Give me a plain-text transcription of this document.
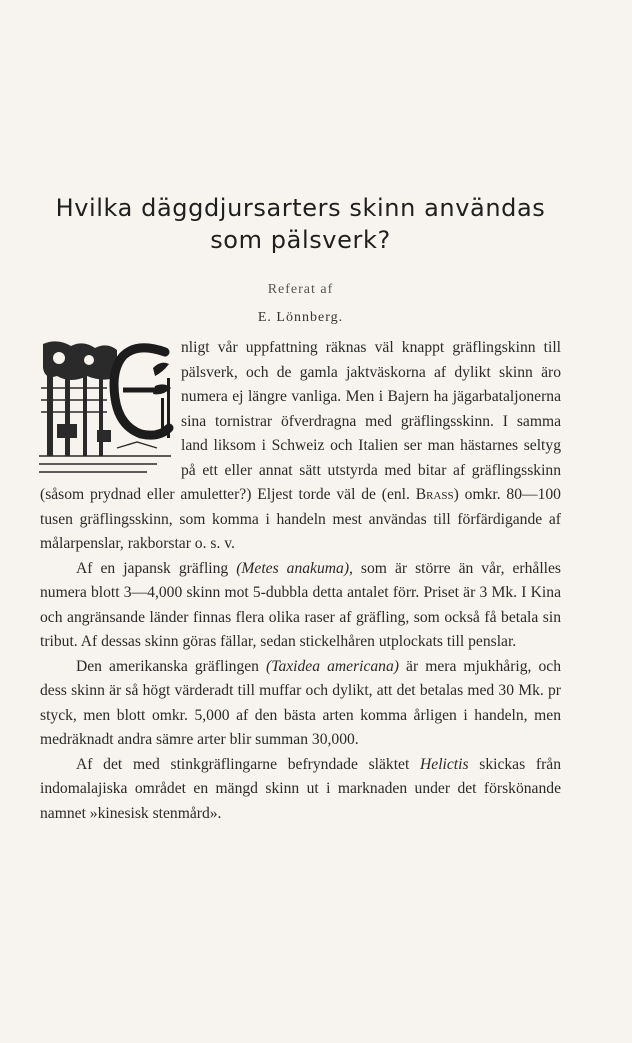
Hvilka däggdjursarters skinn användas
som pälsverk?
Referat af
E. Lönnberg.

nligt vår uppfattning räknas väl knappt gräflingskinn till pälsverk, och de gamla jaktväskorna af dylikt skinn äro numera ej längre vanliga. Men i Bajern ha jägarbataljonerna sina tornistrar öfverdragna med gräflingsskinn. I samma land liksom i Schweiz och Italien ser man hästarnes seltyg på ett eller annat sätt utstyrda med bitar af gräflingsskinn (såsom prydnad eller amuletter?) Eljest torde väl de (enl. Brass) omkr. 80—100 tusen gräflingsskinn, som komma i handeln mest användas till förfärdigande af målarpenslar, rakborstar o. s. v.

Af en japansk gräfling (Metes anakuma), som är större än vår, erhålles numera blott 3—4,000 skinn mot 5-dubbla detta antalet förr. Priset är 3 Mk. I Kina och angränsande länder finnas flera olika raser af gräfling, som också få betala sin tribut. Af dessas skinn göras fällar, sedan stickelhåren utplockats till penslar.

Den amerikanska gräflingen (Taxidea americana) är mera mjukhårig, och dess skinn är så högt värderadt till muffar och dylikt, att det betalas med 30 Mk. pr styck, men blott omkr. 5,000 af den bästa arten komma årligen i handeln, men medräknadt andra sämre arter blir summan 30,000.

Af det med stinkgräflingarne befryndade släktet Helictis skickas från indomalajiska området en mängd skinn ut i marknaden under det förskönande namnet »kinesisk stenmård».
